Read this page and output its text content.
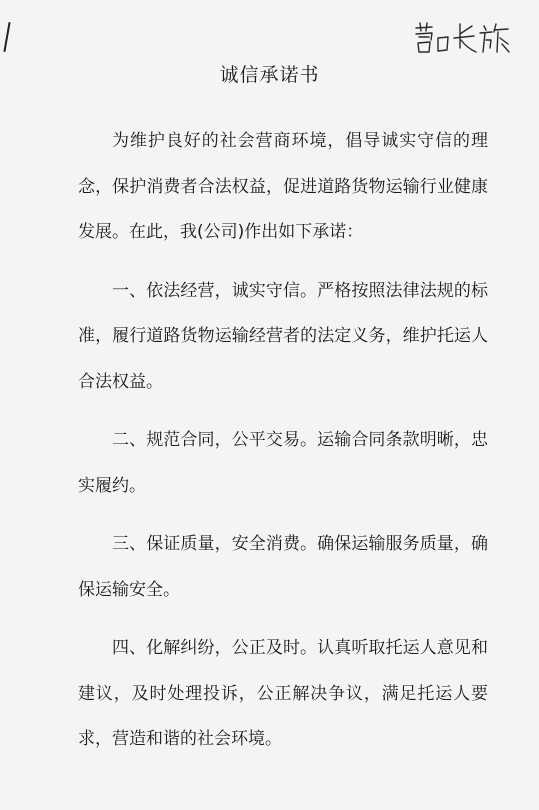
诚信承诺书

为维护良好的社会营商环境，倡导诚实守信的理念，保护消费者合法权益，促进道路货物运输行业健康发展。在此，我(公司)作出如下承诺：

一、依法经营，诚实守信。严格按照法律法规的标准，履行道路货物运输经营者的法定义务，维护托运人合法权益。

二、规范合同，公平交易。运输合同条款明晰，忠实履约。

三、保证质量，安全消费。确保运输服务质量，确保运输安全。

四、化解纠纷，公正及时。认真听取托运人意见和建议，及时处理投诉，公正解决争议，满足托运人要求，营造和谐的社会环境。
